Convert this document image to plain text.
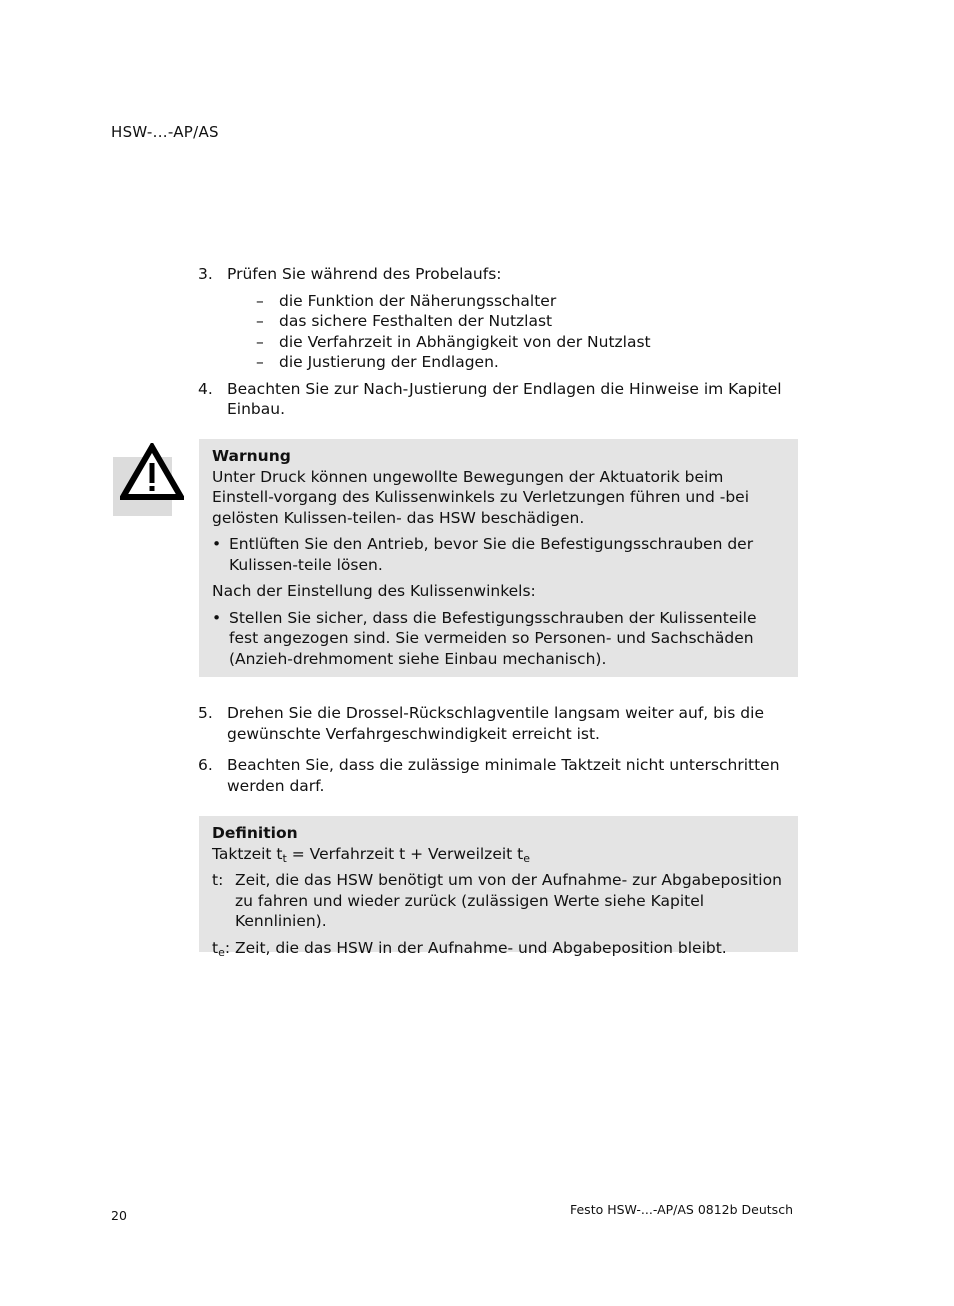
HSW-...-AP/AS
3. Prüfen Sie während des Probelaufs:
– die Funktion der Näherungsschalter
– das sichere Festhalten der Nutzlast
– die Verfahrzeit in Abhängigkeit von der Nutzlast
– die Justierung der Endlagen.
4. Beachten Sie zur Nach-Justierung der Endlagen die Hinweise im Kapitel Einbau.
Warnung
Unter Druck können ungewollte Bewegungen der Aktuatorik beim Einstell-vorgang des Kulissenwinkels zu Verletzungen führen und -bei gelösten Kulissen-teilen- das HSW beschädigen.
• Entlüften Sie den Antrieb, bevor Sie die Befestigungsschrauben der Kulissen-teile lösen.
Nach der Einstellung des Kulissenwinkels:
• Stellen Sie sicher, dass die Befestigungsschrauben der Kulissenteile fest angezogen sind. Sie vermeiden so Personen- und Sachschäden (Anzieh-drehmoment siehe Einbau mechanisch).
5. Drehen Sie die Drossel-Rückschlagventile langsam weiter auf, bis die gewünschte Verfahrgeschwindigkeit erreicht ist.
6. Beachten Sie, dass die zulässige minimale Taktzeit nicht unterschritten werden darf.
Definition
Taktzeit $t_t$ = Verfahrzeit t + Verweilzeit $t_e$
t: Zeit, die das HSW benötigt um von der Aufnahme- zur Abgabeposition zu fahren und wieder zurück (zulässigen Werte siehe Kapitel Kennlinien).
$t_e$: Zeit, die das HSW in der Aufnahme- und Abgabeposition bleibt.
20	Festo HSW-...-AP/AS 0812b Deutsch
